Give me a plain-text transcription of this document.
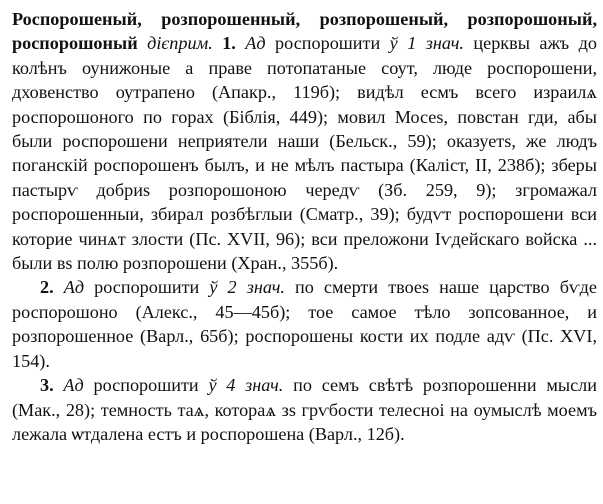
Роспорошеный, розпорошенный, розпорошеный, розпорошоный, роспорошоный дієприм. 1. Ад роспорошити ў 1 знач. церквы ажъ до колѣнъ оунижоные а праве потопатаные соут, люде роспорошени, дховенство оутрапено (Апакр., 119б); видѣл есмъ всего израилѧ роспорошоного по горах (Біблія, 449); мовил Мосеѕ, повстан гди, абы были роспорошени неприятели наши (Бельск., 59); оказуетѕ, же людъ поганскій роспорошенъ былъ, и не мѣлъ пастыра (Каліст, II, 238б); зберы пастырѵ добриѕ розпорошоною чередѵ (Зб. 259, 9); згромажал роспорошенныи, збирал розбѣглыи (Сматр., 39); будѵт роспорошени вси которие чинѧт злости (Пс. XVII, 96); вси преложони Іѵдейскаго войска ... были вѕ полю розпорошени (Хран., 355б).

2. Ад роспорошити ў 2 знач. по смерти твоеѕ наше царство бѵде роспорошоно (Алекс., 45—45б); тое самое тѣло зопсованное, и розпорошенное (Варл., 65б); роспорошены кости их подле адѵ (Пс. XVI, 154).

3. Ад роспорошити ў 4 знач. по семъ свѣтѣ розпорошенни мысли (Мак., 28); темность таѧ, котораѧ зѕ грѵбости телесноі на оумыслѣ моемъ лежала ѡтдалена естъ и роспорошена (Варл., 12б).
